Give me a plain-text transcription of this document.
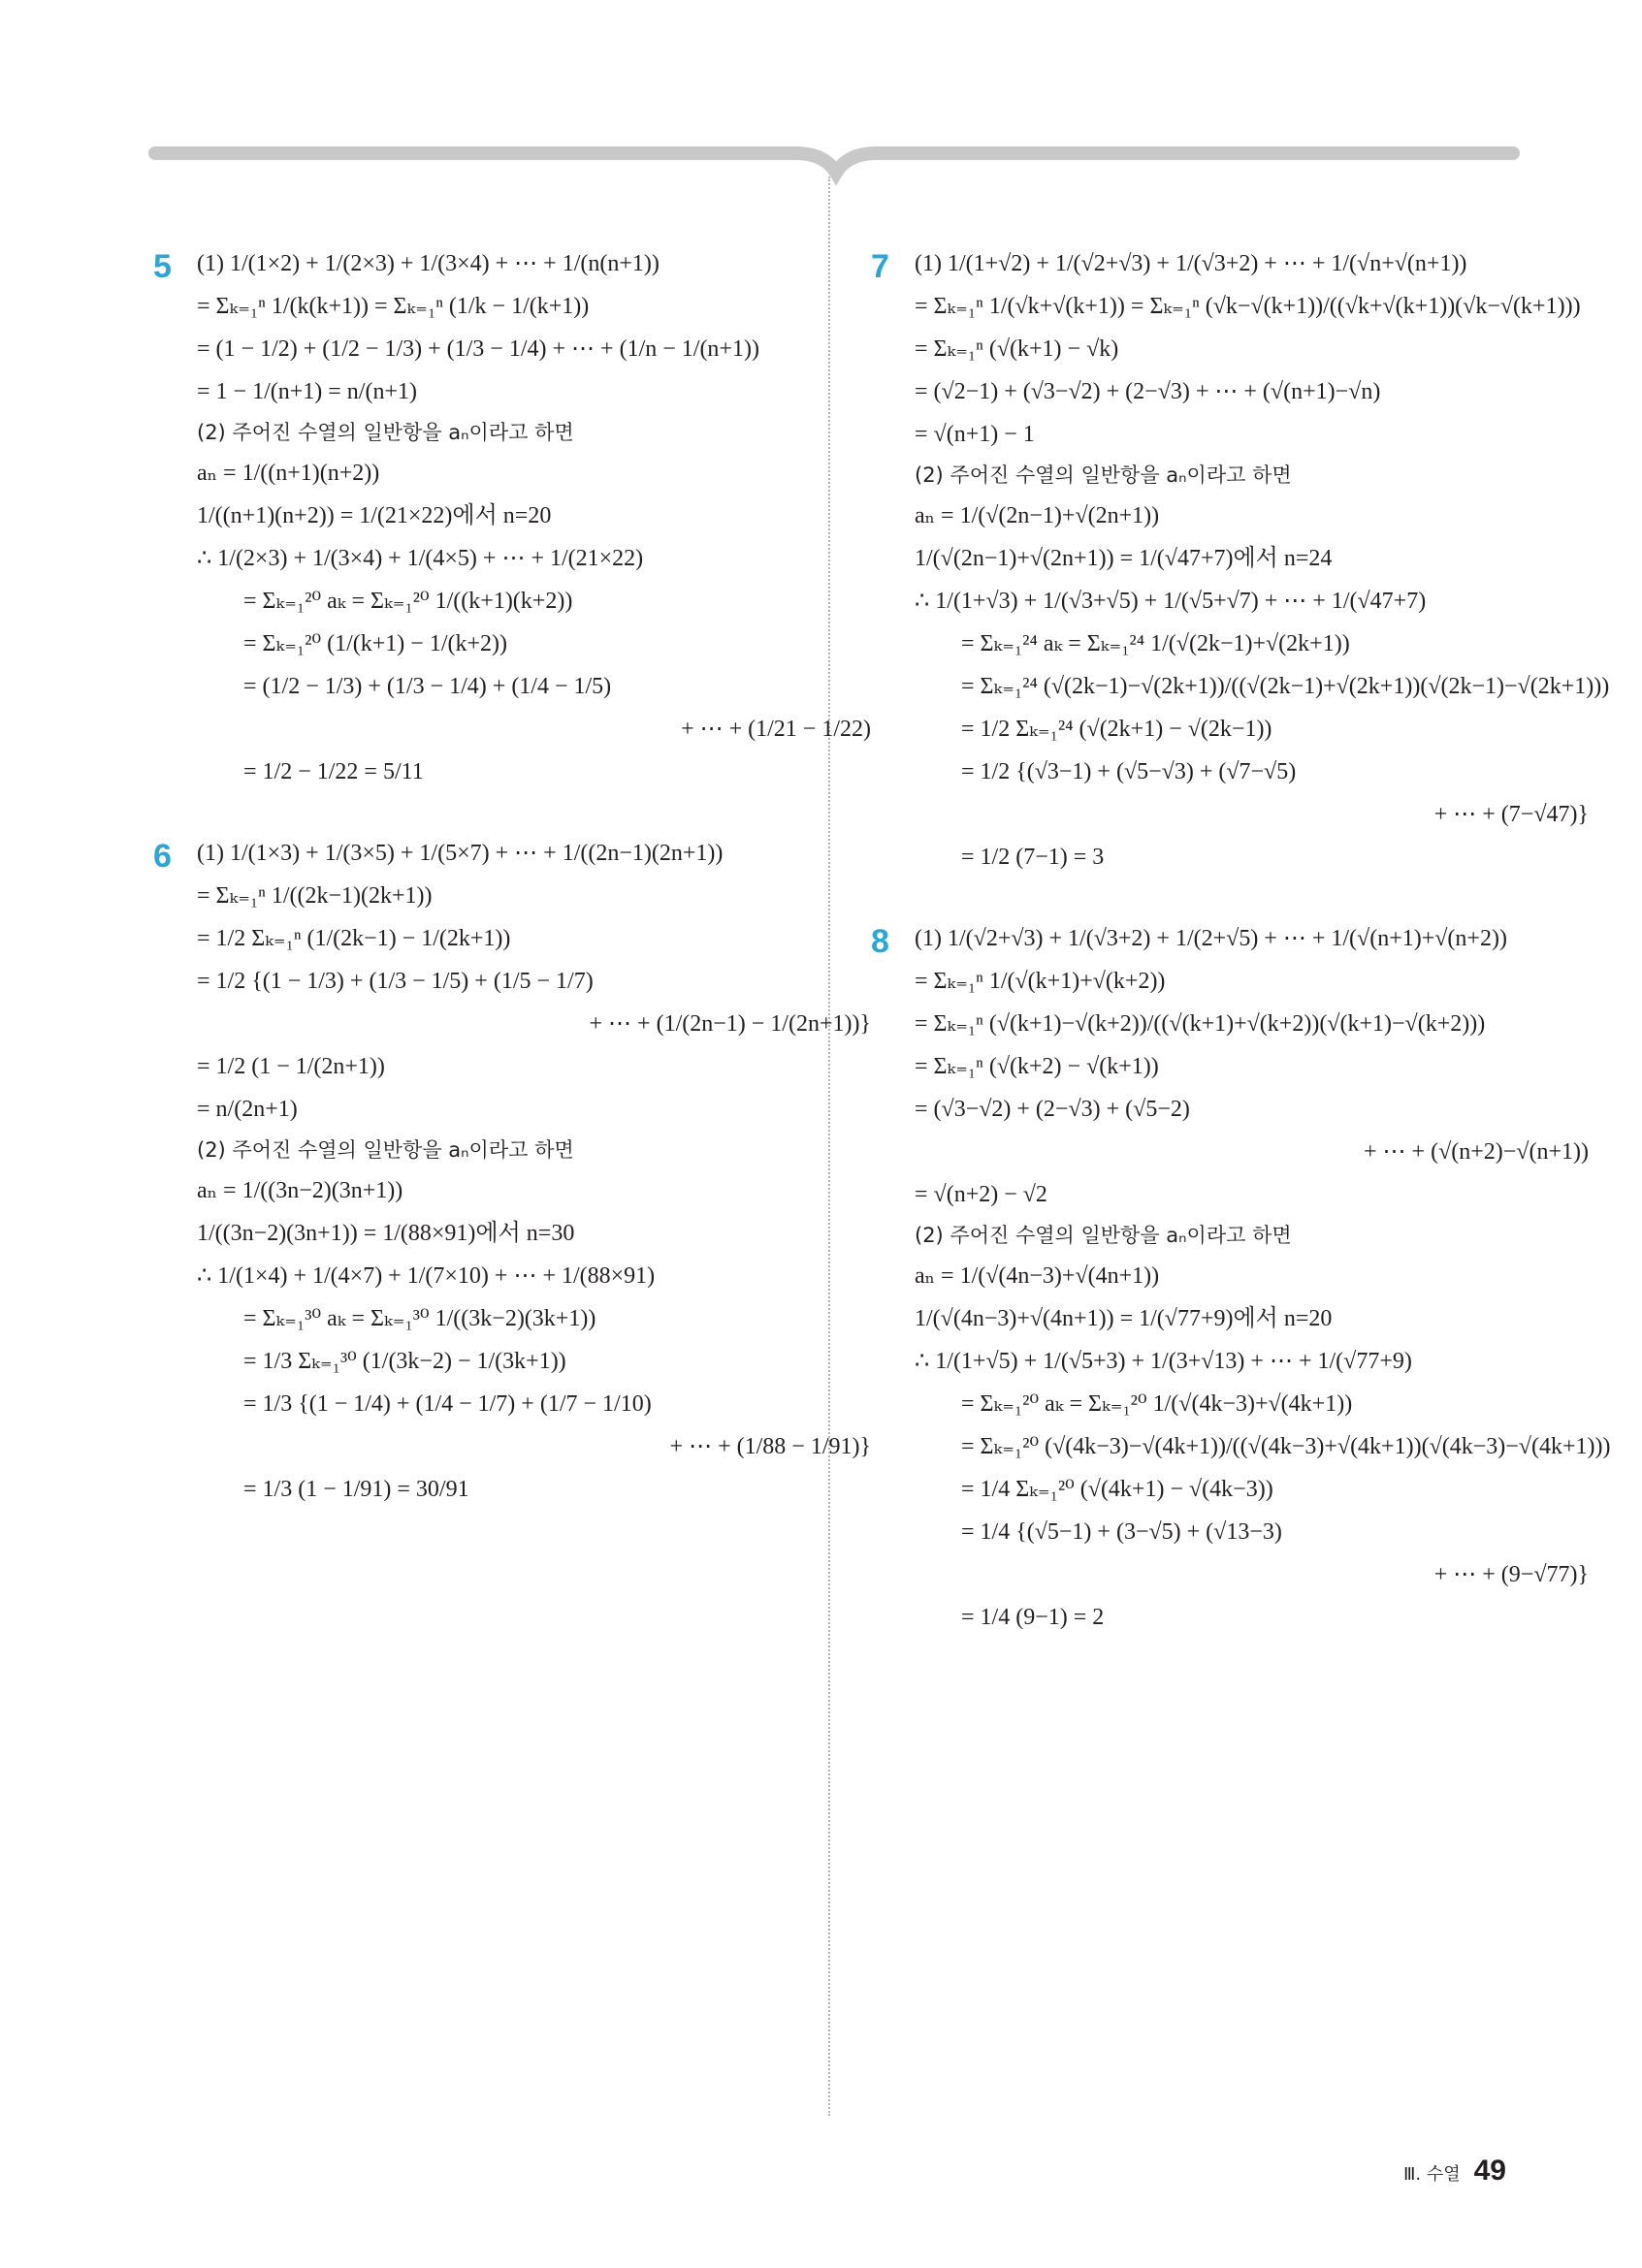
5 (1) 1/(1×2) + 1/(2×3) + 1/(3×4) + ⋯ + 1/(n(n+1))
= Σₖ₌₁ⁿ 1/(k(k+1)) = Σₖ₌₁ⁿ (1/k − 1/(k+1))
= (1 − 1/2) + (1/2 − 1/3) + (1/3 − 1/4) + ⋯ + (1/n − 1/(n+1))
= 1 − 1/(n+1) = n/(n+1)
(2) 주어진 수열의 일반항을 aₙ이라고 하면
aₙ = 1/((n+1)(n+2))
1/((n+1)(n+2)) = 1/(21×22)에서 n=20
∴ 1/(2×3) + 1/(3×4) + 1/(4×5) + ⋯ + 1/(21×22)
= Σₖ₌₁²⁰ aₖ = Σₖ₌₁²⁰ 1/((k+1)(k+2))
= Σₖ₌₁²⁰ (1/(k+1) − 1/(k+2))
= (1/2 − 1/3) + (1/3 − 1/4) + (1/4 − 1/5)
+ ⋯ + (1/21 − 1/22)
= 1/2 − 1/22 = 5/11
6 (1) 1/(1×3) + 1/(3×5) + 1/(5×7) + ⋯ + 1/((2n−1)(2n+1))
= Σₖ₌₁ⁿ 1/((2k−1)(2k+1))
= 1/2 Σₖ₌₁ⁿ (1/(2k−1) − 1/(2k+1))
= 1/2 {(1 − 1/3) + (1/3 − 1/5) + (1/5 − 1/7)
+ ⋯ + (1/(2n−1) − 1/(2n+1))}
= 1/2 (1 − 1/(2n+1))
= n/(2n+1)
(2) 주어진 수열의 일반항을 aₙ이라고 하면
aₙ = 1/((3n−2)(3n+1))
1/((3n−2)(3n+1)) = 1/(88×91)에서 n=30
∴ 1/(1×4) + 1/(4×7) + 1/(7×10) + ⋯ + 1/(88×91)
= Σₖ₌₁³⁰ aₖ = Σₖ₌₁³⁰ 1/((3k−2)(3k+1))
= 1/3 Σₖ₌₁³⁰ (1/(3k−2) − 1/(3k+1))
= 1/3 {(1 − 1/4) + (1/4 − 1/7) + (1/7 − 1/10)
+ ⋯ + (1/88 − 1/91)}
= 1/3 (1 − 1/91) = 30/91
7 (1) 1/(1+√2) + 1/(√2+√3) + 1/(√3+2) + ⋯ + 1/(√n+√(n+1))
= Σₖ₌₁ⁿ 1/(√k+√(k+1)) = Σₖ₌₁ⁿ (√k−√(k+1))/((√k+√(k+1))(√k−√(k+1)))
= Σₖ₌₁ⁿ (√(k+1) − √k)
= (√2−1) + (√3−√2) + (2−√3) + ⋯ + (√(n+1)−√n)
= √(n+1) − 1
(2) 주어진 수열의 일반항을 aₙ이라고 하면
aₙ = 1/(√(2n−1)+√(2n+1))
1/(√(2n−1)+√(2n+1)) = 1/(√47+7)에서 n=24
∴ 1/(1+√3) + 1/(√3+√5) + 1/(√5+√7) + ⋯ + 1/(√47+7)
= Σₖ₌₁²⁴ aₖ = Σₖ₌₁²⁴ 1/(√(2k−1)+√(2k+1))
= Σₖ₌₁²⁴ (√(2k−1)−√(2k+1))/((√(2k−1)+√(2k+1))(√(2k−1)−√(2k+1)))
= 1/2 Σₖ₌₁²⁴ (√(2k+1) − √(2k−1))
= 1/2 {(√3−1) + (√5−√3) + (√7−√5)
+ ⋯ + (7−√47)}
= 1/2 (7−1) = 3
8 (1) 1/(√2+√3) + 1/(√3+2) + 1/(2+√5) + ⋯ + 1/(√(n+1)+√(n+2))
= Σₖ₌₁ⁿ 1/(√(k+1)+√(k+2))
= Σₖ₌₁ⁿ (√(k+1)−√(k+2))/((√(k+1)+√(k+2))(√(k+1)−√(k+2)))
= Σₖ₌₁ⁿ (√(k+2) − √(k+1))
= (√3−√2) + (2−√3) + (√5−2)
+ ⋯ + (√(n+2)−√(n+1))
= √(n+2) − √2
(2) 주어진 수열의 일반항을 aₙ이라고 하면
aₙ = 1/(√(4n−3)+√(4n+1))
1/(√(4n−3)+√(4n+1)) = 1/(√77+9)에서 n=20
∴ 1/(1+√5) + 1/(√5+3) + 1/(3+√13) + ⋯ + 1/(√77+9)
= Σₖ₌₁²⁰ aₖ = Σₖ₌₁²⁰ 1/(√(4k−3)+√(4k+1))
= Σₖ₌₁²⁰ (√(4k−3)−√(4k+1))/((√(4k−3)+√(4k+1))(√(4k−3)−√(4k+1)))
= 1/4 Σₖ₌₁²⁰ (√(4k+1) − √(4k−3))
= 1/4 {(√5−1) + (3−√5) + (√13−3)
+ ⋯ + (9−√77)}
= 1/4 (9−1) = 2
Ⅲ. 수열 49
